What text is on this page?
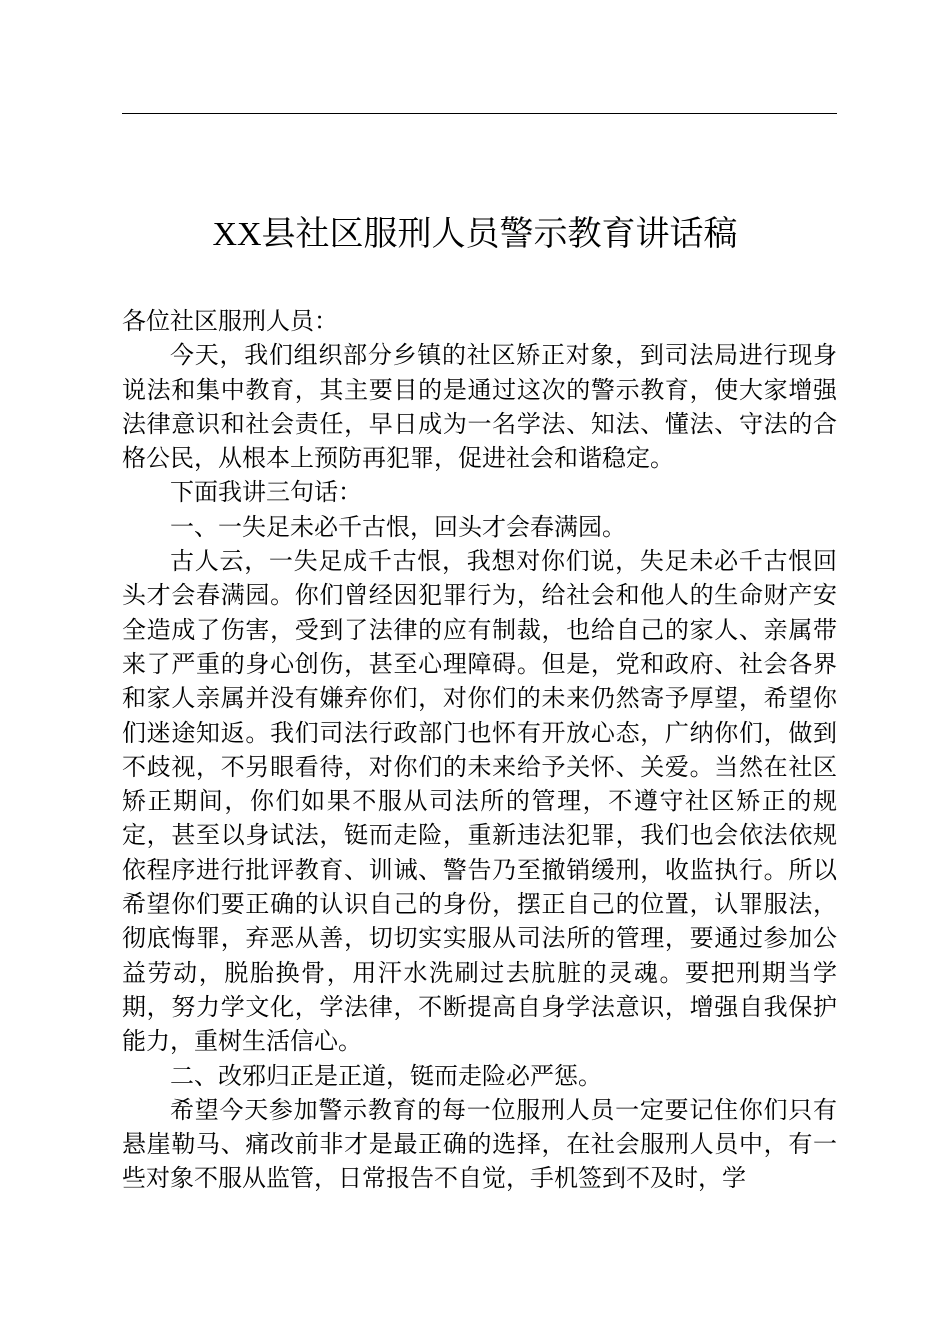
XX县社区服刑人员警示教育讲话稿

各位社区服刑人员：

今天，我们组织部分乡镇的社区矫正对象，到司法局进行现身说法和集中教育，其主要目的是通过这次的警示教育，使大家增强法律意识和社会责任，早日成为一名学法、知法、懂法、守法的合格公民，从根本上预防再犯罪，促进社会和谐稳定。

下面我讲三句话：

一、一失足未必千古恨，回头才会春满园。

古人云，一失足成千古恨，我想对你们说，失足未必千古恨回头才会春满园。你们曾经因犯罪行为，给社会和他人的生命财产安全造成了伤害，受到了法律的应有制裁，也给自己的家人、亲属带来了严重的身心创伤，甚至心理障碍。但是，党和政府、社会各界和家人亲属并没有嫌弃你们，对你们的未来仍然寄予厚望，希望你们迷途知返。我们司法行政部门也怀有开放心态，广纳你们，做到不歧视，不另眼看待，对你们的未来给予关怀、关爱。当然在社区矫正期间，你们如果不服从司法所的管理，不遵守社区矫正的规定，甚至以身试法，铤而走险，重新违法犯罪，我们也会依法依规依程序进行批评教育、训诫、警告乃至撤销缓刑，收监执行。所以希望你们要正确的认识自己的身份，摆正自己的位置，认罪服法，彻底悔罪，弃恶从善，切切实实服从司法所的管理，要通过参加公益劳动，脱胎换骨，用汗水洗刷过去肮脏的灵魂。要把刑期当学期，努力学文化，学法律，不断提高自身学法意识，增强自我保护能力，重树生活信心。

二、改邪归正是正道，铤而走险必严惩。

希望今天参加警示教育的每一位服刑人员一定要记住你们只有悬崖勒马、痛改前非才是最正确的选择，在社会服刑人员中，有一些对象不服从监管，日常报告不自觉，手机签到不及时，学
